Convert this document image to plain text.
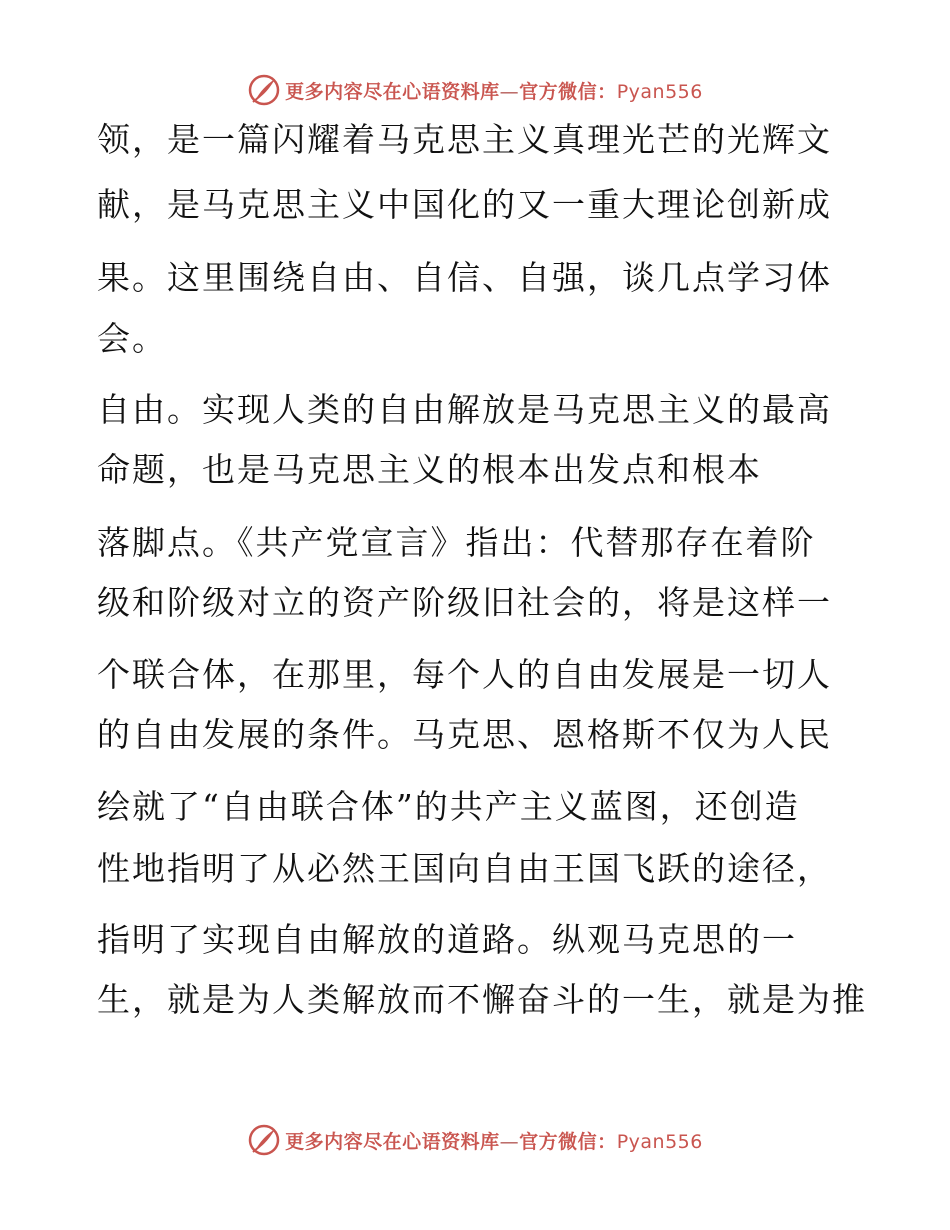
更多内容尽在心语资料库—官方微信：Pyan556
领，是一篇闪耀着马克思主义真理光芒的光辉文
献，是马克思主义中国化的又一重大理论创新成
果。这里围绕自由、自信、自强，谈几点学习体
会。
自由。实现人类的自由解放是马克思主义的最高
命题，也是马克思主义的根本出发点和根本
落脚点。《共产党宣言》指出：代替那存在着阶
级和阶级对立的资产阶级旧社会的，将是这样一
个联合体，在那里，每个人的自由发展是一切人
的自由发展的条件。马克思、恩格斯不仅为人民
绘就了“自由联合体”的共产主义蓝图，还创造
性地指明了从必然王国向自由王国飞跃的途径，
指明了实现自由解放的道路。纵观马克思的一
生，就是为人类解放而不懈奋斗的一生，就是为推
更多内容尽在心语资料库—官方微信：Pyan556
